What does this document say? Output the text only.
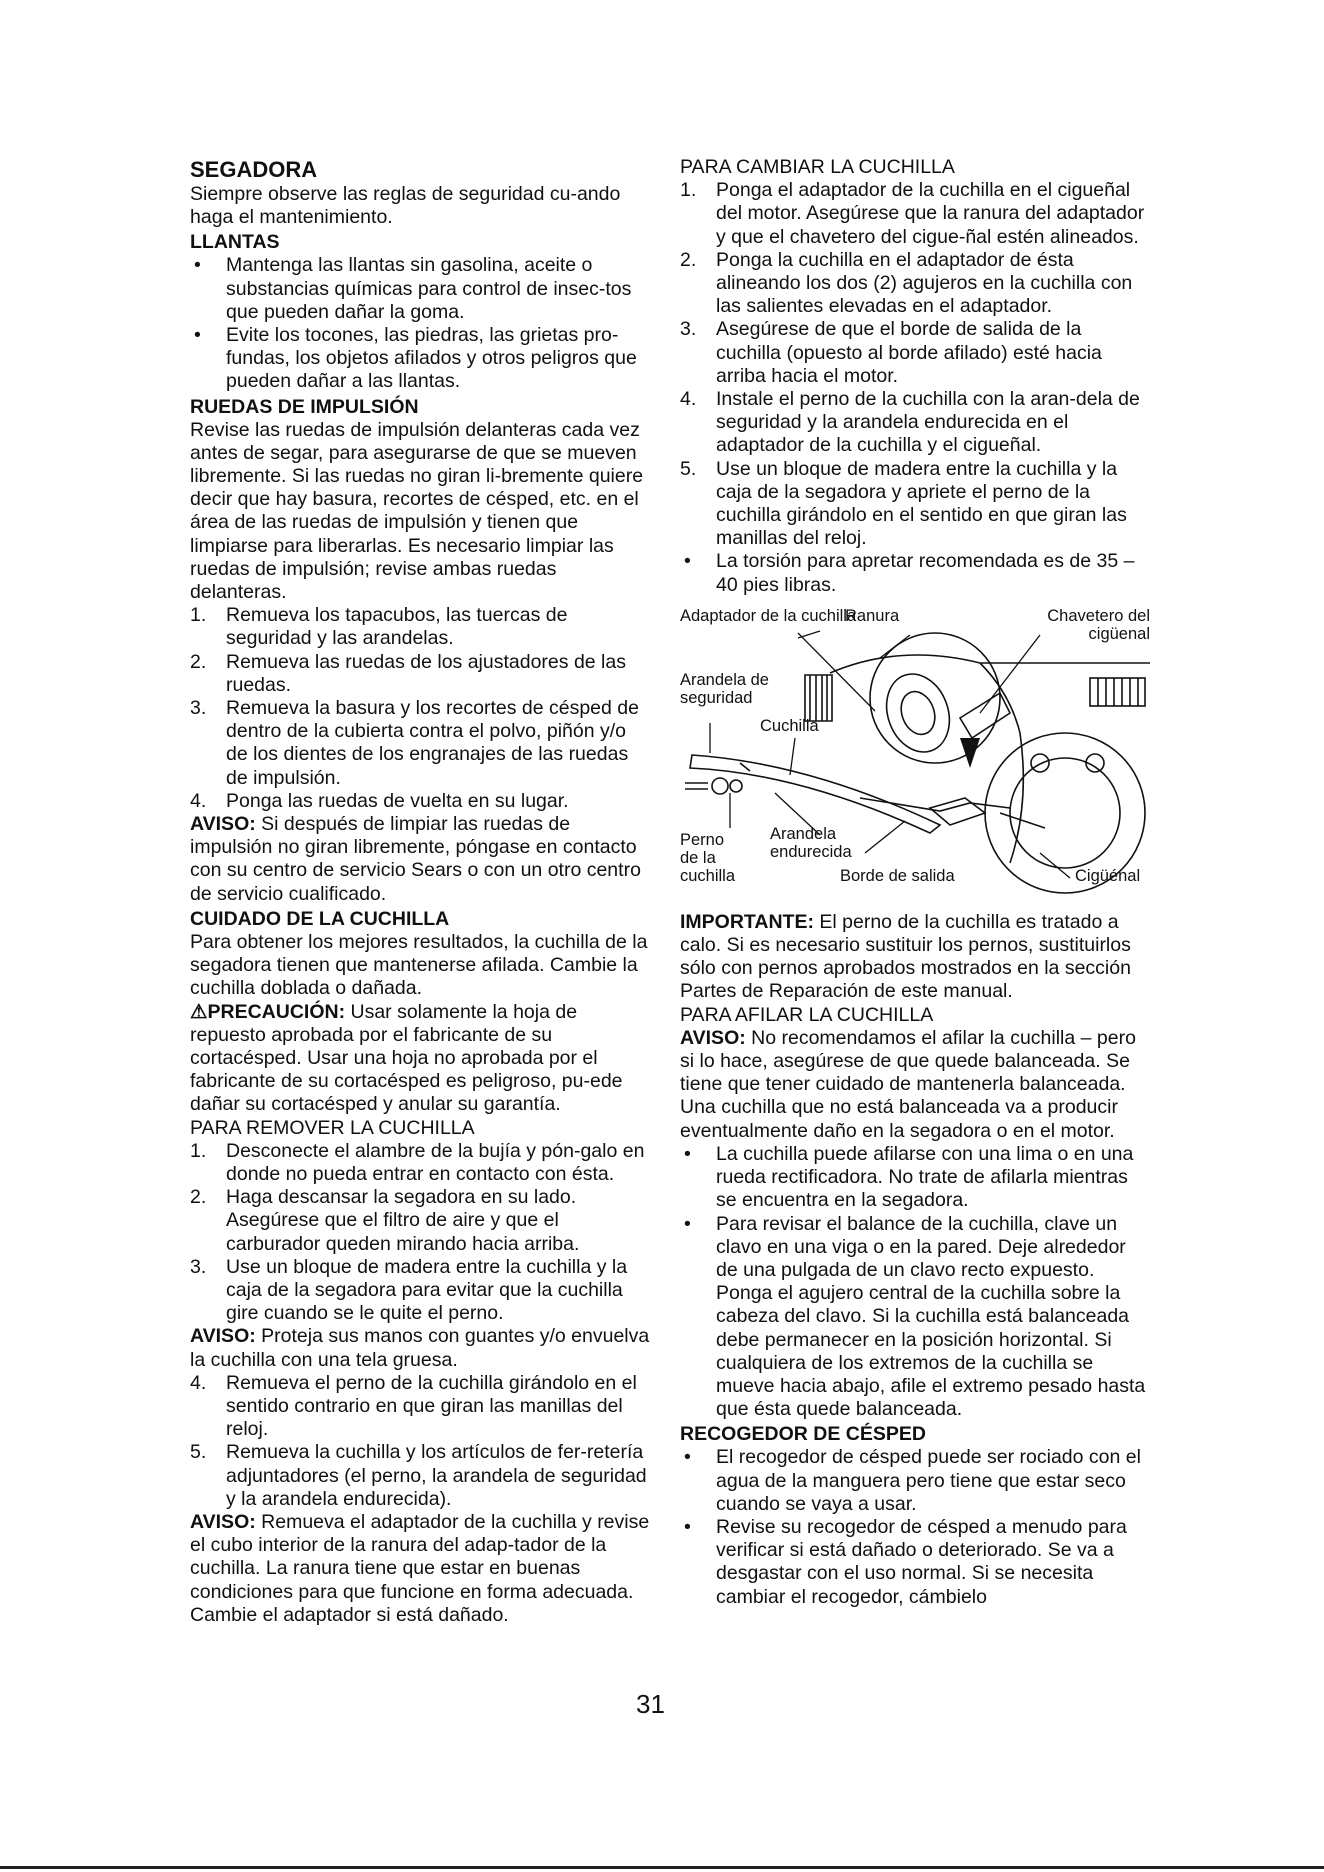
SEGADORA

Siempre observe las reglas de seguridad cu-ando haga el mantenimiento.

LLANTAS

• Mantenga las llantas sin gasolina, aceite o substancias químicas para control de insec-tos que pueden dañar la goma.
• Evite los tocones, las piedras, las grietas pro-fundas, los objetos afilados y otros peligros que pueden dañar a las llantas.

RUEDAS DE IMPULSIÓN

Revise las ruedas de impulsión delanteras cada vez antes de segar, para asegurarse de que se mueven libremente. Si las ruedas no giran li-bremente quiere decir que hay basura, recortes de césped, etc. en el área de las ruedas de impulsión y tienen que limpiarse para liberarlas. Es necesario limpiar las ruedas de impulsión; revise ambas ruedas delanteras.

1. Remueva los tapacubos, las tuercas de seguridad y las arandelas.
2. Remueva las ruedas de los ajustadores de las ruedas.
3. Remueva la basura y los recortes de césped de dentro de la cubierta contra el polvo, piñón y/o de los dientes de los engranajes de las ruedas de impulsión.
4. Ponga las ruedas de vuelta en su lugar.

AVISO: Si después de limpiar las ruedas de impulsión no giran libremente, póngase en contacto con su centro de servicio Sears o con un otro centro de servicio cualificado.

CUIDADO DE LA CUCHILLA

Para obtener los mejores resultados, la cuchilla de la segadora tienen que mantenerse afilada. Cambie la cuchilla doblada o dañada.

⚠PRECAUCIÓN: Usar solamente la hoja de repuesto aprobada por el fabricante de su cortacésped. Usar una hoja no aprobada por el fabricante de su cortacésped es peligroso, pu-ede dañar su cortacésped y anular su garantía.

PARA REMOVER LA CUCHILLA

1. Desconecte el alambre de la bujía y pón-galo en donde no pueda entrar en contacto con ésta.
2. Haga descansar la segadora en su lado. Asegúrese que el filtro de aire y que el carburador queden mirando hacia arriba.
3. Use un bloque de madera entre la cuchilla y la caja de la segadora para evitar que la cuchilla gire cuando se le quite el perno.

AVISO: Proteja sus manos con guantes y/o envuelva la cuchilla con una tela gruesa.

4. Remueva el perno de la cuchilla girándolo en el sentido contrario en que giran las manillas del reloj.
5. Remueva la cuchilla y los artículos de fer-retería adjuntadores (el perno, la arandela de seguridad y la arandela endurecida).

AVISO: Remueva el adaptador de la cuchilla y revise el cubo interior de la ranura del adap-tador de la cuchilla. La ranura tiene que estar en buenas condiciones para que funcione en forma adecuada. Cambie el adaptador si está dañado.

PARA CAMBIAR LA CUCHILLA

1. Ponga el adaptador de la cuchilla en el cigueñal del motor. Asegúrese que la ranura del adaptador y que el chavetero del cigue-ñal estén alineados.
2. Ponga la cuchilla en el adaptador de ésta alineando los dos (2) agujeros en la cuchilla con las salientes elevadas en el adaptador.
3. Asegúrese de que el borde de salida de la cuchilla (opuesto al borde afilado) esté hacia arriba hacia el motor.
4. Instale el perno de la cuchilla con la aran-dela de seguridad y la arandela endurecida en el adaptador de la cuchilla y el cigueñal.
5. Use un bloque de madera entre la cuchilla y la caja de la segadora y apriete el perno de la cuchilla girándolo en el sentido en que giran las manillas del reloj.
• La torsión para apretar recomendada es de 35 – 40 pies libras.
Adaptador de la cuchilla
Ranura	Chavetero del cigüenal
Arandela de seguridad
Cuchilla
Perno de la cuchilla
Arandela endurecida
Borde de salida	Cigüénal

IMPORTANTE: El perno de la cuchilla es tratado a calo. Si es necesario sustituir los pernos, sustituirlos sólo con pernos aprobados mostrados en la sección Partes de Reparación de este manual.

PARA AFILAR LA CUCHILLA

AVISO: No recomendamos el afilar la cuchilla – pero si lo hace, asegúrese de que quede balanceada. Se tiene que tener cuidado de mantenerla balanceada. Una cuchilla que no está balanceada va a producir eventualmente daño en la segadora o en el motor.

• La cuchilla puede afilarse con una lima o en una rueda rectificadora. No trate de afilarla mientras se encuentra en la segadora.
• Para revisar el balance de la cuchilla, clave un clavo en una viga o en la pared. Deje alrededor de una pulgada de un clavo recto expuesto. Ponga el agujero central de la cuchilla sobre la cabeza del clavo. Si la cuchilla está balanceada debe permanecer en la posición horizontal. Si cualquiera de los extremos de la cuchilla se mueve hacia abajo, afile el extremo pesado hasta que ésta quede balanceada.

RECOGEDOR DE CÉSPED

• El recogedor de césped puede ser rociado con el agua de la manguera pero tiene que estar seco cuando se vaya a usar.
• Revise su recogedor de césped a menudo para verificar si está dañado o deteriorado. Se va a desgastar con el uso normal. Si se necesita cambiar el recogedor, cámbielo
31
